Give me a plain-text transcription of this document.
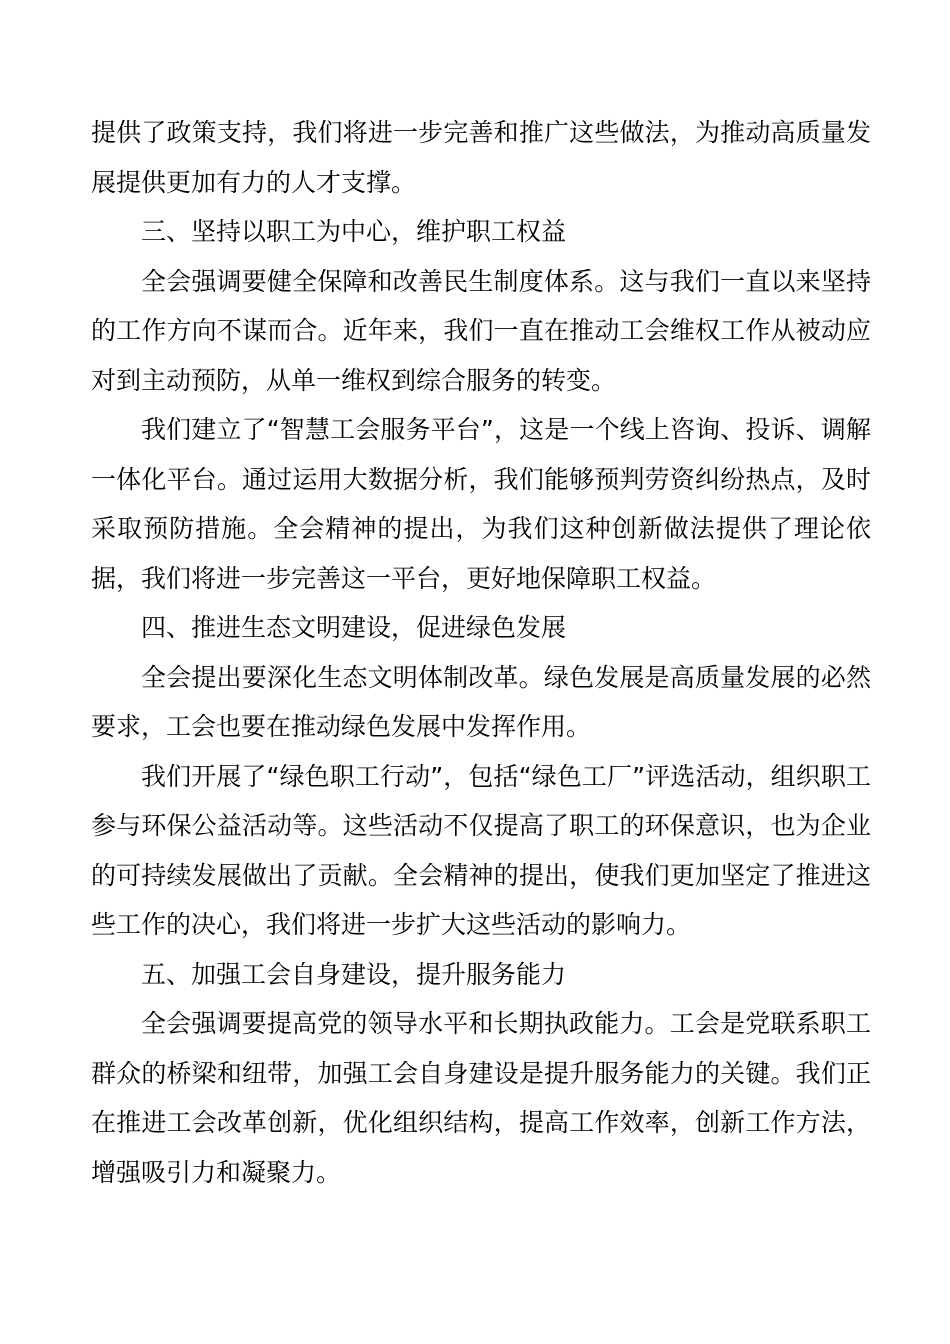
提供了政策支持，我们将进一步完善和推广这些做法，为推动高质量发展提供更加有力的人才支撑。

三、坚持以职工为中心，维护职工权益

全会强调要健全保障和改善民生制度体系。这与我们一直以来坚持的工作方向不谋而合。近年来，我们一直在推动工会维权工作从被动应对到主动预防，从单一维权到综合服务的转变。

我们建立了“智慧工会服务平台”，这是一个线上咨询、投诉、调解一体化平台。通过运用大数据分析，我们能够预判劳资纠纷热点，及时采取预防措施。全会精神的提出，为我们这种创新做法提供了理论依据，我们将进一步完善这一平台，更好地保障职工权益。

四、推进生态文明建设，促进绿色发展

全会提出要深化生态文明体制改革。绿色发展是高质量发展的必然要求，工会也要在推动绿色发展中发挥作用。

我们开展了“绿色职工行动”，包括“绿色工厂”评选活动，组织职工参与环保公益活动等。这些活动不仅提高了职工的环保意识，也为企业的可持续发展做出了贡献。全会精神的提出，使我们更加坚定了推进这些工作的决心，我们将进一步扩大这些活动的影响力。

五、加强工会自身建设，提升服务能力

全会强调要提高党的领导水平和长期执政能力。工会是党联系职工群众的桥梁和纽带，加强工会自身建设是提升服务能力的关键。我们正在推进工会改革创新，优化组织结构，提高工作效率，创新工作方法，增强吸引力和凝聚力。
